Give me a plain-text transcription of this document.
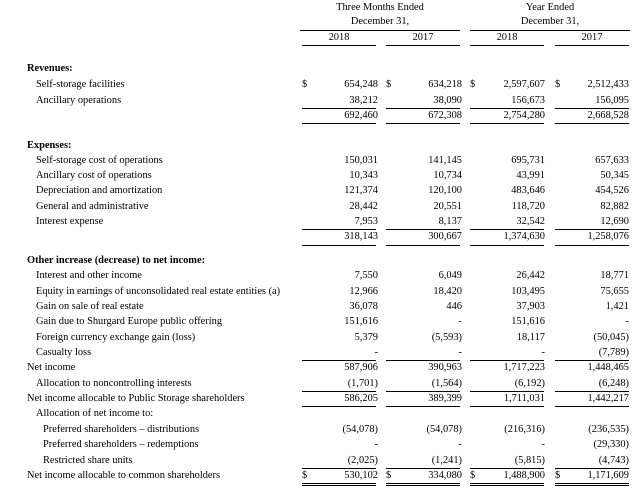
Three Months Ended
December 31,
Year Ended
December 31,
2018	2017	2018	2017
Revenues:
Self-storage facilities	$	654,248 $	634,218 $	2,597,607 $	2,512,433
Ancillary operations	38,212	38,090	156,673	156,095
692,460	672,308	2,754,280	2,668,528
Expenses:
Self-storage cost of operations	150,031	141,145	695,731	657,633
Ancillary cost of operations	10,343	10,734	43,991	50,345
Depreciation and amortization	121,374	120,100	483,646	454,526
General and administrative	28,442	20,551	118,720	82,882
Interest expense	7,953	8,137	32,542	12,690
318,143	300,667	1,374,630	1,258,076
Other increase (decrease) to net income:
Interest and other income	7,550	6,049	26,442	18,771
Equity in earnings of unconsolidated real estate entities (a)	12,966	18,420	103,495	75,655
Gain on sale of real estate	36,078	446	37,903	1,421
Gain due to Shurgard Europe public offering	151,616	-	151,616	-
Foreign currency exchange gain (loss)	5,379	(5,593)	18,117	(50,045)
Casualty loss	-	-	-	(7,789)
Net income	587,906	390,963	1,717,223	1,448,465
Allocation to noncontrolling interests	(1,701)	(1,564)	(6,192)	(6,248)
Net income allocable to Public Storage shareholders	586,205	389,399	1,711,031	1,442,217
Allocation of net income to:
Preferred shareholders – distributions	(54,078)	(54,078)	(216,316)	(236,535)
Preferred shareholders – redemptions	-	-	-	(29,330)
Restricted share units	(2,025)	(1,241)	(5,815)	(4,743)
Net income allocable to common shareholders	$	530,102 $	334,080 $	1,488,900 $	1,171,609
